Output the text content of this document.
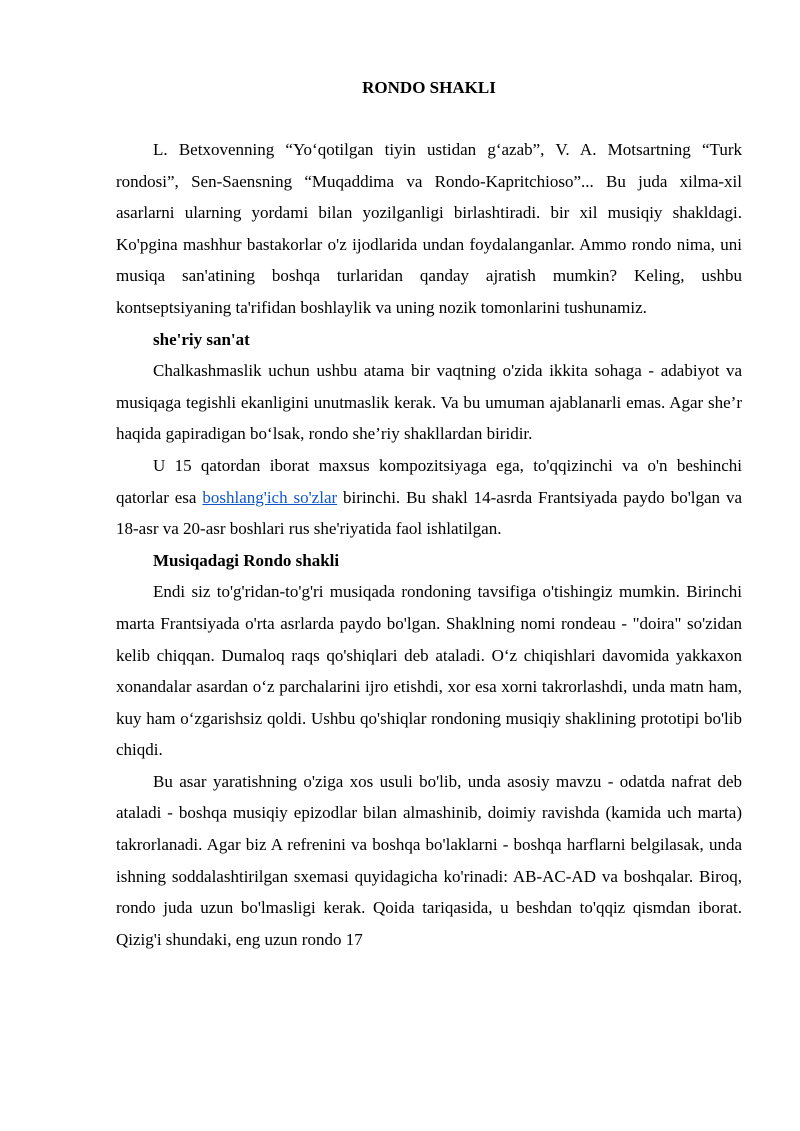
RONDO SHAKLI

L. Betxovenning “Yo‘qotilgan tiyin ustidan g‘azab”, V. A. Motsartning “Turk rondosi”, Sen-Saensning “Muqaddima va Rondo-Kapritchioso”... Bu juda xilma-xil asarlarni ularning yordami bilan yozilganligi birlashtiradi. bir xil musiqiy shakldagi. Ko'pgina mashhur bastakorlar o'z ijodlarida undan foydalanganlar. Ammo rondo nima, uni musiqa san'atining boshqa turlaridan qanday ajratish mumkin? Keling, ushbu kontseptsiyaning ta'rifidan boshlaylik va uning nozik tomonlarini tushunamiz.

she'riy san'at

Chalkashmaslik uchun ushbu atama bir vaqtning o'zida ikkita sohaga - adabiyot va musiqaga tegishli ekanligini unutmaslik kerak. Va bu umuman ajablanarli emas. Agar she’r haqida gapiradigan bo‘lsak, rondo she’riy shakllardan biridir.

U 15 qatordan iborat maxsus kompozitsiyaga ega, to'qqizinchi va o'n beshinchi qatorlar esa boshlang'ich so'zlar birinchi. Bu shakl 14-asrda Frantsiyada paydo bo'lgan va 18-asr va 20-asr boshlari rus she'riyatida faol ishlatilgan.

Musiqadagi Rondo shakli

Endi siz to'g'ridan-to'g'ri musiqada rondoning tavsifiga o'tishingiz mumkin. Birinchi marta Frantsiyada o'rta asrlarda paydo bo'lgan. Shaklning nomi rondeau - "doira" so'zidan kelib chiqqan. Dumaloq raqs qo'shiqlari deb ataladi. O‘z chiqishlari davomida yakkaxon xonandalar asardan o‘z parchalarini ijro etishdi, xor esa xorni takrorlashdi, unda matn ham, kuy ham o‘zgarishsiz qoldi. Ushbu qo'shiqlar rondoning musiqiy shaklining prototipi bo'lib chiqdi.

Bu asar yaratishning o'ziga xos usuli bo'lib, unda asosiy mavzu - odatda nafrat deb ataladi - boshqa musiqiy epizodlar bilan almashinib, doimiy ravishda (kamida uch marta) takrorlanadi. Agar biz A refrenini va boshqa bo'laklarni - boshqa harflarni belgilasak, unda ishning soddalashtirilgan sxemasi quyidagicha ko'rinadi: AB-AC-AD va boshqalar. Biroq, rondo juda uzun bo'lmasligi kerak. Qoida tariqasida, u beshdan to'qqiz qismdan iborat. Qizig'i shundaki, eng uzun rondo 17
